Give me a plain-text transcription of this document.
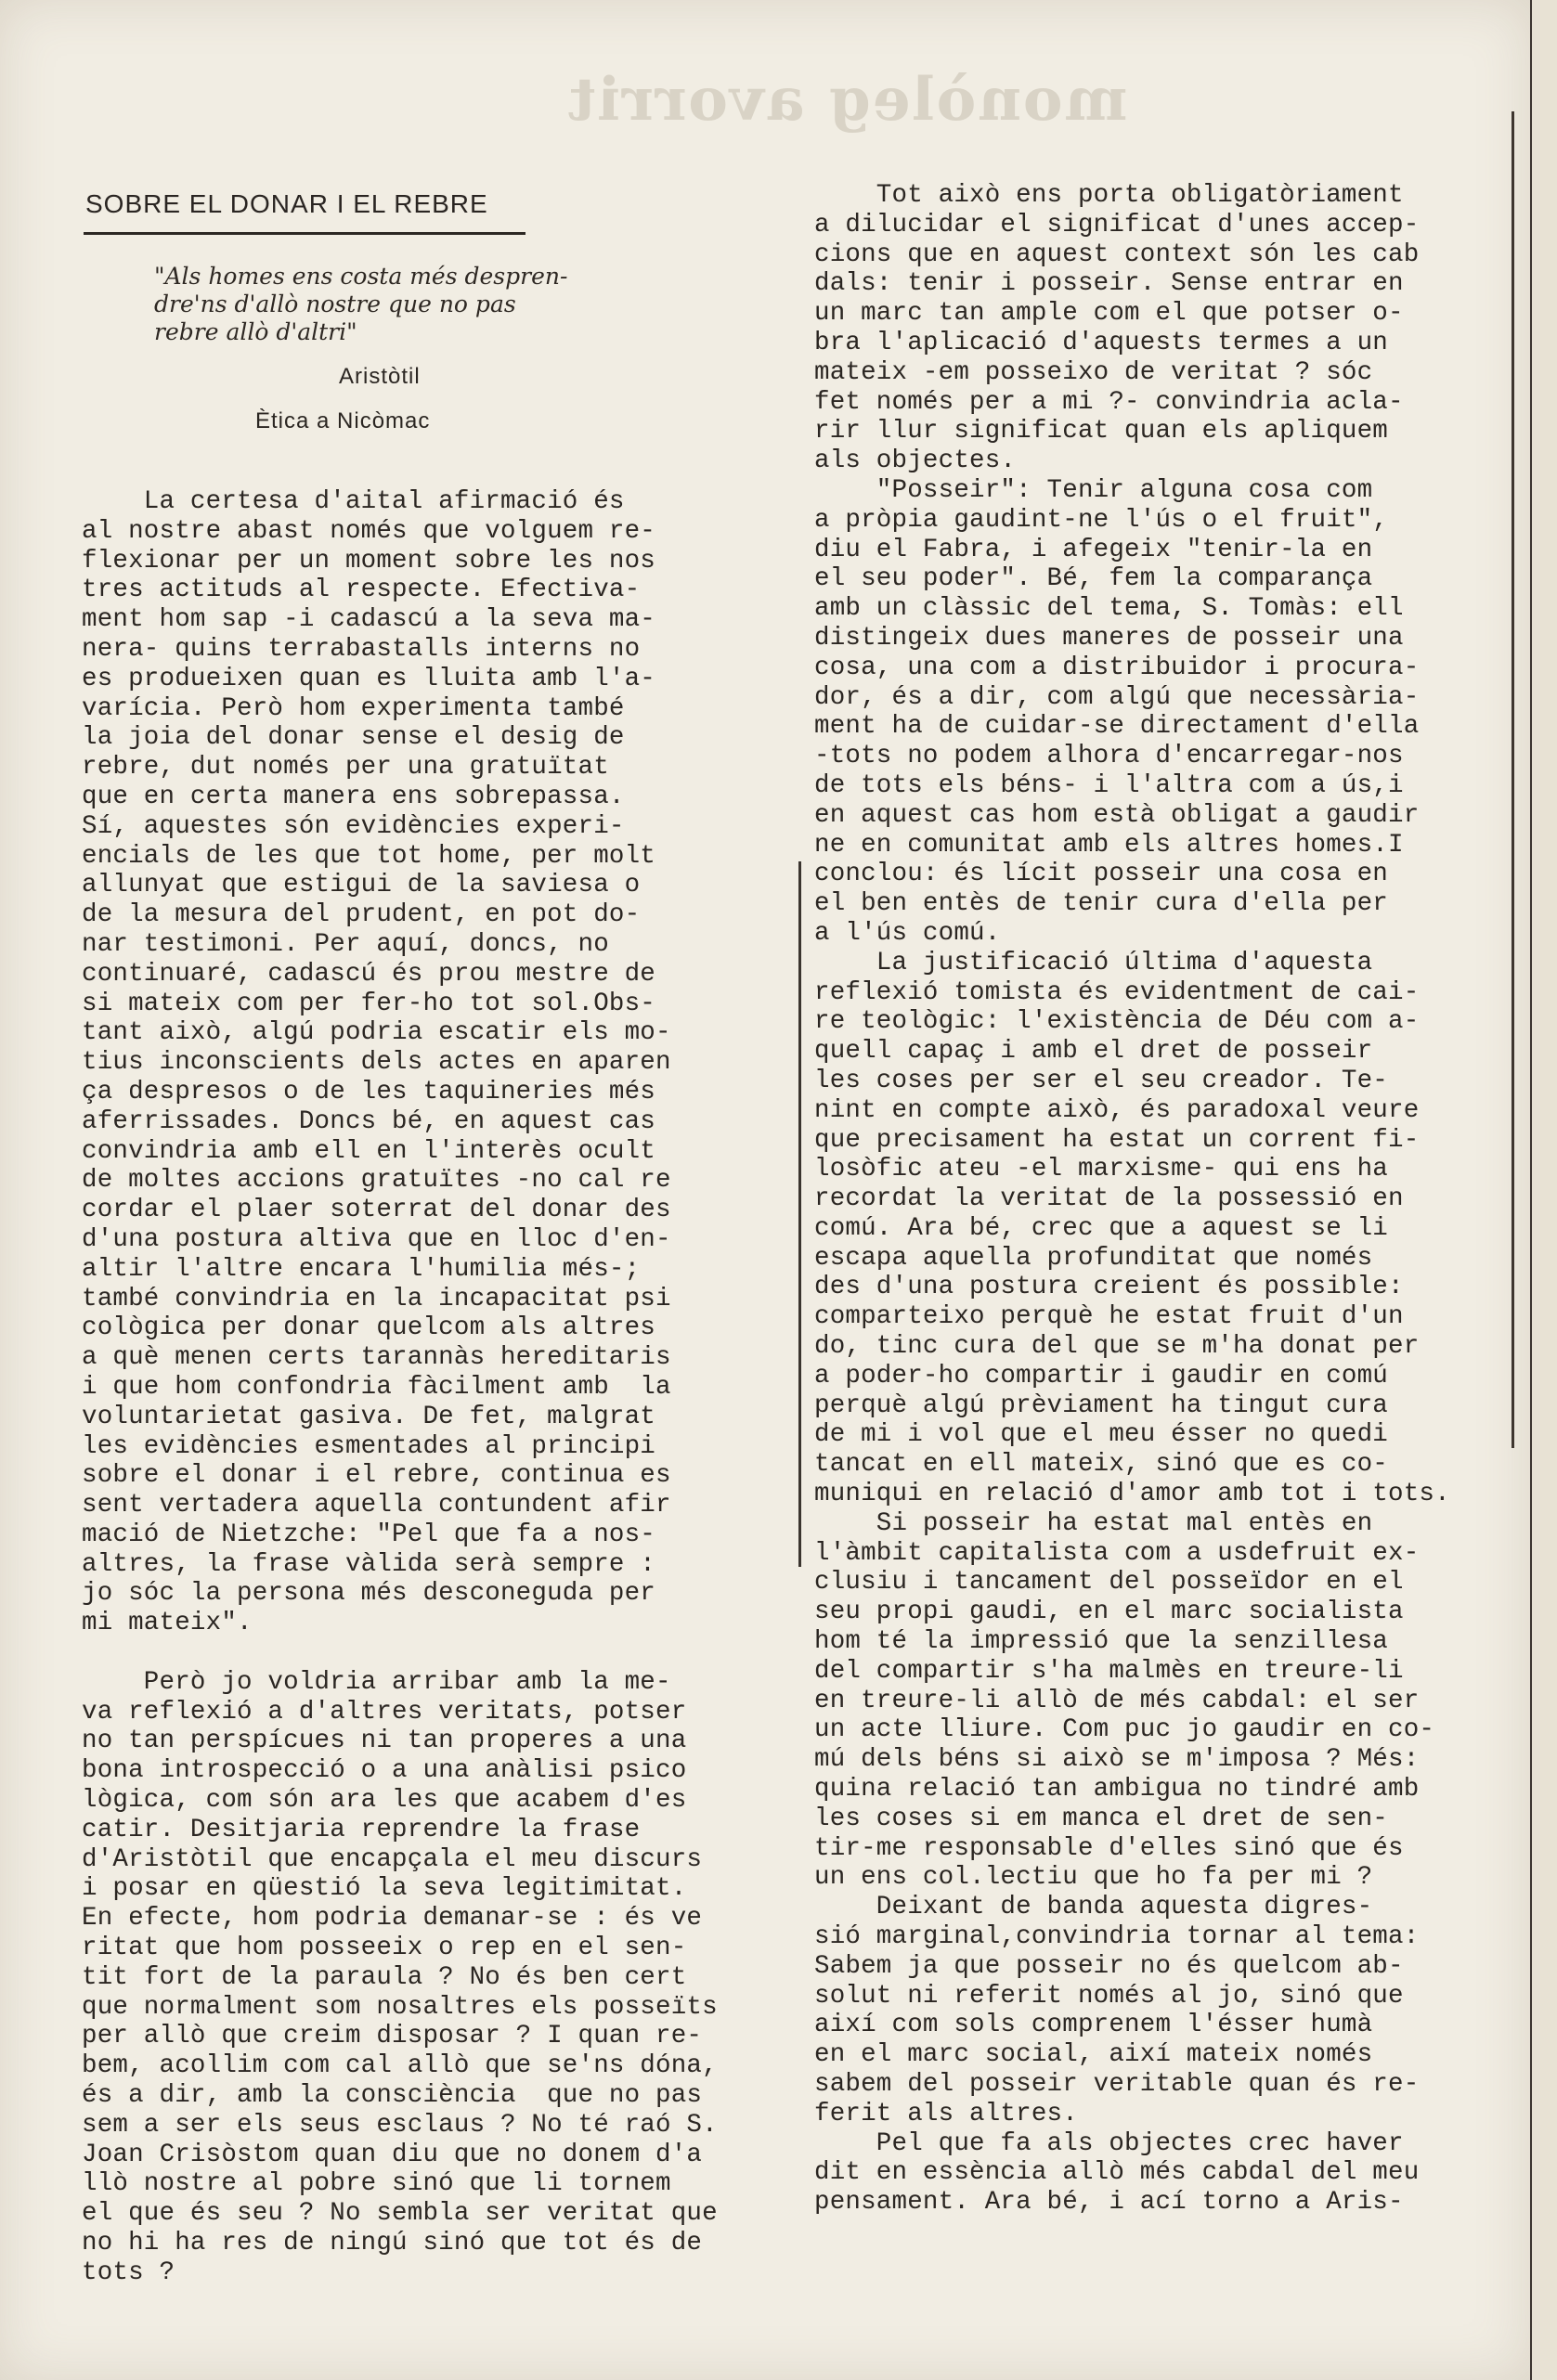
monòleg avorrit
SOBRE EL DONAR I EL REBRE
"Als homes ens costa més despren-
dre'ns d'allò nostre que no pas
rebre allò d'altri"
Aristòtil
Ètica a Nicòmac
La certesa d'aital afirmació és
al nostre abast només que volguem re-
flexionar per un moment sobre les nos
tres actituds al respecte. Efectiva-
ment hom sap -i cadascú a la seva ma-
nera- quins terrabastalls interns no
es produeixen quan es lluita amb l'a-
varícia. Però hom experimenta també
la joia del donar sense el desig de
rebre, dut només per una gratuïtat
que en certa manera ens sobrepassa.
Sí, aquestes són evidències experi-
encials de les que tot home, per molt
allunyat que estigui de la saviesa o
de la mesura del prudent, en pot do-
nar testimoni. Per aquí, doncs, no
continuaré, cadascú és prou mestre de
si mateix com per fer-ho tot sol.Obs-
tant això, algú podria escatir els mo-
tius inconscients dels actes en aparen
ça despresos o de les taquineries més
aferrissades. Doncs bé, en aquest cas
convindria amb ell en l'interès ocult
de moltes accions gratuïtes -no cal re
cordar el plaer soterrat del donar des
d'una postura altiva que en lloc d'en-
altir l'altre encara l'humilia més-;
també convindria en la incapacitat psi
cològica per donar quelcom als altres
a què menen certs tarannàs hereditaris
i que hom confondria fàcilment amb  la
voluntarietat gasiva. De fet, malgrat
les evidències esmentades al principi
sobre el donar i el rebre, continua es
sent vertadera aquella contundent afir
mació de Nietzche: "Pel que fa a nos-
altres, la frase vàlida serà sempre :
jo sóc la persona més desconeguda per
mi mateix".

Però jo voldria arribar amb la me-
va reflexió a d'altres veritats, potser
no tan perspícues ni tan properes a una
bona introspecció o a una anàlisi psico
lògica, com són ara les que acabem d'es
catir. Desitjaria reprendre la frase
d'Aristòtil que encapçala el meu discurs
i posar en qüestió la seva legitimitat.
En efecte, hom podria demanar-se : és ve
ritat que hom posseeix o rep en el sen-
tit fort de la paraula ? No és ben cert
que normalment som nosaltres els posseïts
per allò que creim disposar ? I quan re-
bem, acollim com cal allò que se'ns dóna,
és a dir, amb la consciència  que no pas
sem a ser els seus esclaus ? No té raó S.
Joan Crisòstom quan diu que no donem d'a
llò nostre al pobre sinó que li tornem
el que és seu ? No sembla ser veritat que
no hi ha res de ningú sinó que tot és de
tots ?
Tot això ens porta obligatòriament
a dilucidar el significat d'unes accep-
cions que en aquest context són les cab
dals: tenir i posseir. Sense entrar en
un marc tan ample com el que potser o-
bra l'aplicació d'aquests termes a un
mateix -em posseixo de veritat ? sóc
fet només per a mi ?- convindria acla-
rir llur significat quan els apliquem
als objectes.
"Posseir": Tenir alguna cosa com
a pròpia gaudint-ne l'ús o el fruit",
diu el Fabra, i afegeix "tenir-la en
el seu poder". Bé, fem la comparança
amb un clàssic del tema, S. Tomàs: ell
distingeix dues maneres de posseir una
cosa, una com a distribuidor i procura-
dor, és a dir, com algú que necessària-
ment ha de cuidar-se directament d'ella
-tots no podem alhora d'encarregar-nos
de tots els béns- i l'altra com a ús,i
en aquest cas hom està obligat a gaudir
ne en comunitat amb els altres homes.I
conclou: és lícit posseir una cosa en
el ben entès de tenir cura d'ella per
a l'ús comú.
La justificació última d'aquesta
reflexió tomista és evidentment de cai-
re teològic: l'existència de Déu com a-
quell capaç i amb el dret de posseir
les coses per ser el seu creador. Te-
nint en compte això, és paradoxal veure
que precisament ha estat un corrent fi-
losòfic ateu -el marxisme- qui ens ha
recordat la veritat de la possessió en
comú. Ara bé, crec que a aquest se li
escapa aquella profunditat que només
des d'una postura creient és possible:
comparteixo perquè he estat fruit d'un
do, tinc cura del que se m'ha donat per
a poder-ho compartir i gaudir en comú
perquè algú prèviament ha tingut cura
de mi i vol que el meu ésser no quedi
tancat en ell mateix, sinó que es co-
muniqui en relació d'amor amb tot i tots.
Si posseir ha estat mal entès en
l'àmbit capitalista com a usdefruit ex-
clusiu i tancament del posseïdor en el
seu propi gaudi, en el marc socialista
hom té la impressió que la senzillesa
del compartir s'ha malmès en treure-li
en treure-li allò de més cabdal: el ser
un acte lliure. Com puc jo gaudir en co-
mú dels béns si això se m'imposa ? Més:
quina relació tan ambigua no tindré amb
les coses si em manca el dret de sen-
tir-me responsable d'elles sinó que és
un ens col.lectiu que ho fa per mi ?
Deixant de banda aquesta digres-
sió marginal,convindria tornar al tema:
Sabem ja que posseir no és quelcom ab-
solut ni referit només al jo, sinó que
així com sols comprenem l'ésser humà
en el marc social, així mateix només
sabem del posseir veritable quan és re-
ferit als altres.
Pel que fa als objectes crec haver
dit en essència allò més cabdal del meu
pensament. Ara bé, i ací torno a Aris-
